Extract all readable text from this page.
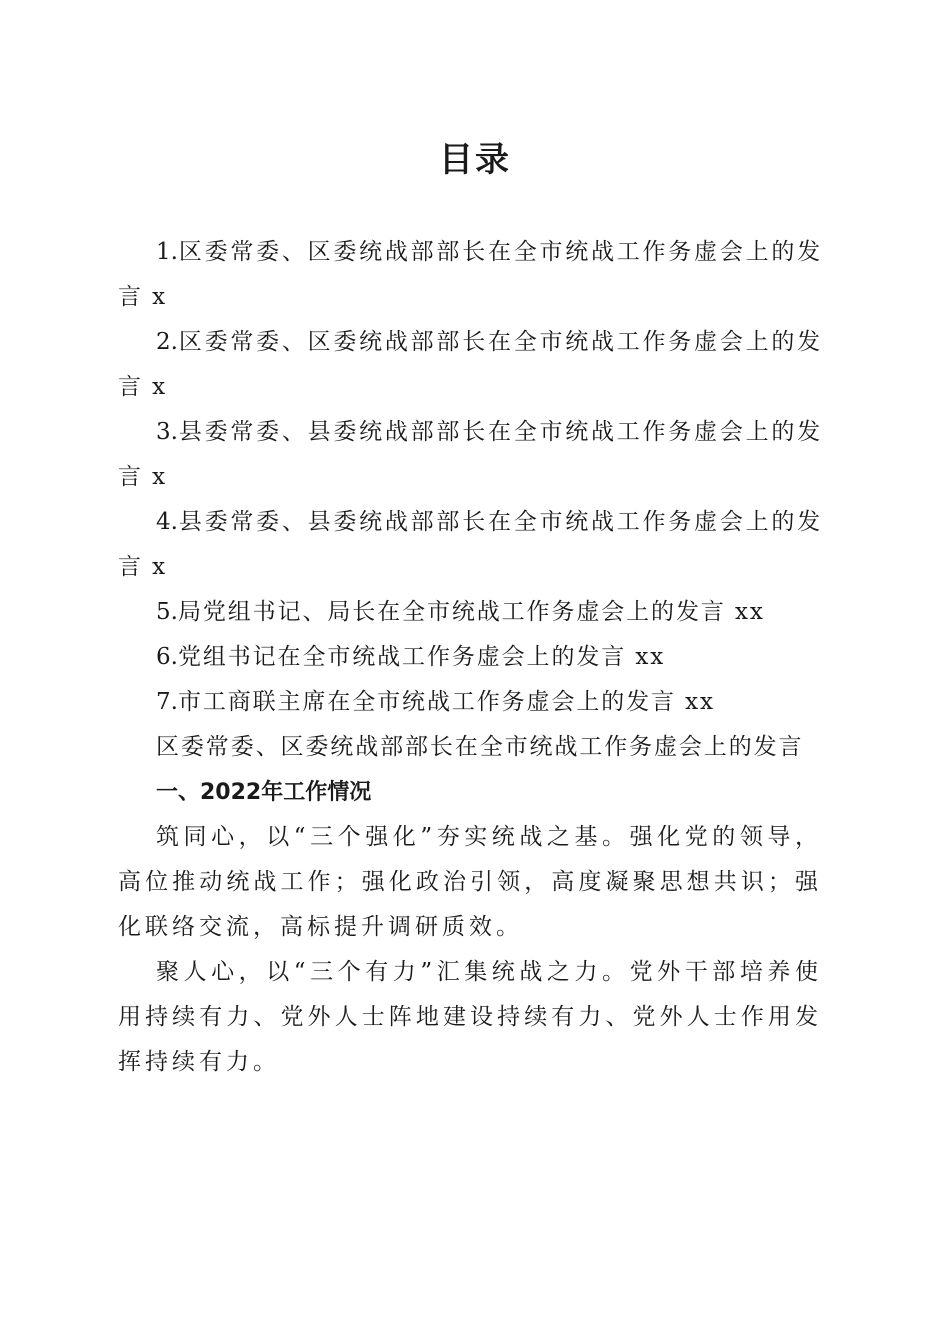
目录

1.区委常委、区委统战部部长在全市统战工作务虚会上的发言 x

2.区委常委、区委统战部部长在全市统战工作务虚会上的发言 x

3.县委常委、县委统战部部长在全市统战工作务虚会上的发言 x

4.县委常委、县委统战部部长在全市统战工作务虚会上的发言 x

5.局党组书记、局长在全市统战工作务虚会上的发言 xx

6.党组书记在全市统战工作务虚会上的发言 xx

7.市工商联主席在全市统战工作务虚会上的发言 xx

区委常委、区委统战部部长在全市统战工作务虚会上的发言

一、2022年工作情况

筑同心，以“三个强化”夯实统战之基。强化党的领导，高位推动统战工作；强化政治引领，高度凝聚思想共识；强化联络交流，高标提升调研质效。

聚人心，以“三个有力”汇集统战之力。党外干部培养使用持续有力、党外人士阵地建设持续有力、党外人士作用发挥持续有力。
